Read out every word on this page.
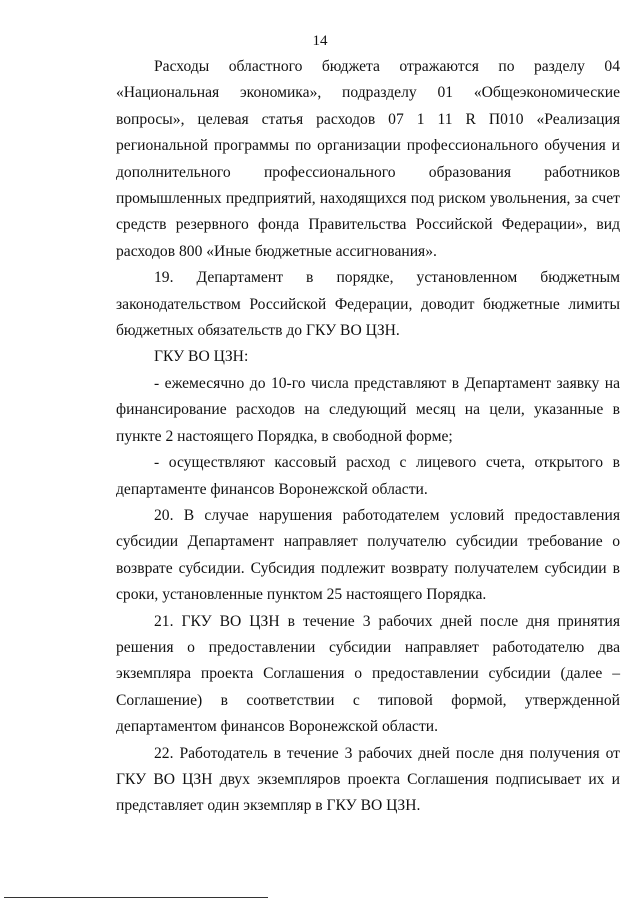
14

Расходы областного бюджета отражаются по разделу 04 «Национальная экономика», подразделу 01 «Общеэкономические вопросы», целевая статья расходов 07 1 11 R П010 «Реализация региональной программы по организации профессионального обучения и дополнительного профессионального образования работников промышленных предприятий, находящихся под риском увольнения, за счет средств резервного фонда Правительства Российской Федерации», вид расходов 800 «Иные бюджетные ассигнования».

19. Департамент в порядке, установленном бюджетным законодательством Российской Федерации, доводит бюджетные лимиты бюджетных обязательств до ГКУ ВО ЦЗН.

ГКУ ВО ЦЗН:

- ежемесячно до 10-го числа представляют в Департамент заявку на финансирование расходов на следующий месяц на цели, указанные в пункте 2 настоящего Порядка, в свободной форме;

- осуществляют кассовый расход с лицевого счета, открытого в департаменте финансов Воронежской области.

20. В случае нарушения работодателем условий предоставления субсидии Департамент направляет получателю субсидии требование о возврате субсидии. Субсидия подлежит возврату получателем субсидии в сроки, установленные пунктом 25 настоящего Порядка.

21. ГКУ ВО ЦЗН в течение 3 рабочих дней после дня принятия решения о предоставлении субсидии направляет работодателю два экземпляра проекта Соглашения о предоставлении субсидии (далее – Соглашение) в соответствии с типовой формой, утвержденной департаментом финансов Воронежской области.

22. Работодатель в течение 3 рабочих дней после дня получения от ГКУ ВО ЦЗН двух экземпляров проекта Соглашения подписывает их и представляет один экземпляр в ГКУ ВО ЦЗН.
